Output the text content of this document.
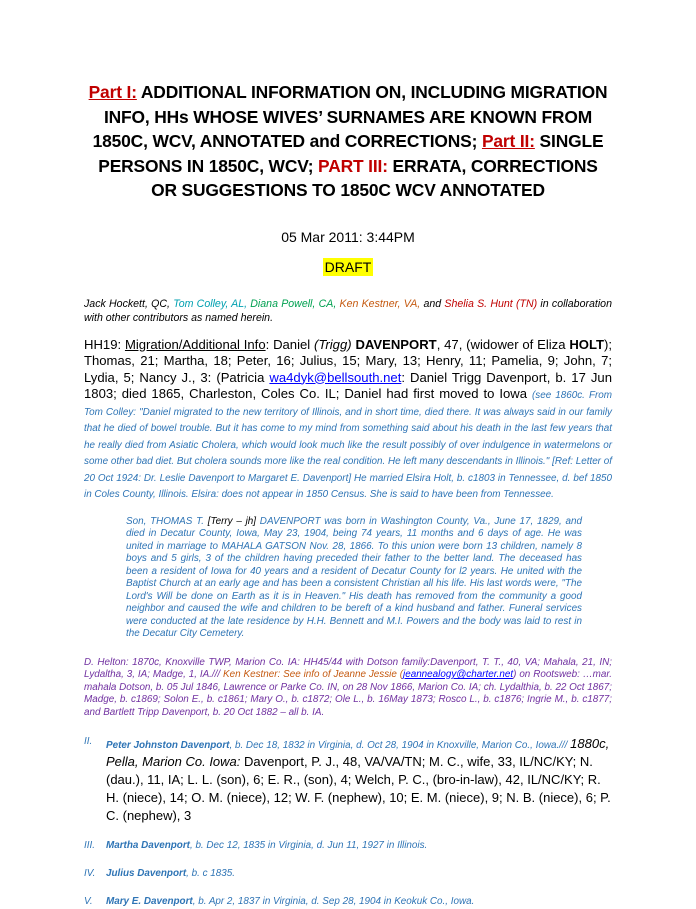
Part I: ADDITIONAL INFORMATION ON, INCLUDING MIGRATION INFO, HHs WHOSE WIVES’ SURNAMES ARE KNOWN FROM 1850C, WCV, ANNOTATED and CORRECTIONS; Part II: SINGLE PERSONS IN 1850C, WCV; PART III: ERRATA, CORRECTIONS OR SUGGESTIONS TO 1850C WCV ANNOTATED

05 Mar 2011: 3:44PM
DRAFT
Jack Hockett, QC, Tom Colley, AL, Diana Powell, CA, Ken Kestner, VA, and Shelia S. Hunt (TN) in collaboration with other contributors as named herein.
HH19: Migration/Additional Info: Daniel (Trigg) DAVENPORT, 47, (widower of Eliza HOLT); Thomas, 21; Martha, 18; Peter, 16; Julius, 15; Mary, 13; Henry, 11; Pamelia, 9; John, 7; Lydia, 5; Nancy J., 3: (Patricia wa4dyk@bellsouth.net: Daniel Trigg Davenport, b. 17 Jun 1803; died 1865, Charleston, Coles Co. IL; Daniel had first moved to Iowa (see 1860c. From Tom Colley: "Daniel migrated to the new territory of Illinois, and in short time, died there. It was always said in our family that he died of bowel trouble. But it has come to my mind from something said about his death in the last few years that he really died from Asiatic Cholera, which would look much like the result possibly of over indulgence in watermelons or some other bad diet. But cholera sounds more like the real condition. He left many descendants in Illinois." [Ref: Letter of 20 Oct 1924: Dr. Leslie Davenport to Margaret E. Davenport] He married Elsira Holt, b. c1803 in Tennessee, d. bef 1850 in Coles County, Illinois. Elsira: does not appear in 1850 Census. She is said to have been from Tennessee.
Son, THOMAS T. [Terry – jh] DAVENPORT was born in Washington County, Va., June 17, 1829, and died in Decatur County, Iowa, May 23, 1904, being 74 years, 11 months and 6 days of age. He was united in marriage to MAHALA GATSON Nov. 28, 1866. To this union were born 13 children, namely 8 boys and 5 girls, 3 of the children having preceded their father to the better land. The deceased has been a resident of Iowa for 40 years and a resident of Decatur County for l2 years. He united with the Baptist Church at an early age and has been a consistent Christian all his life. His last words were, "The Lord's Will be done on Earth as it is in Heaven." His death has removed from the community a good neighbor and caused the wife and children to be bereft of a kind husband and father. Funeral services were conducted at the late residence by H.H. Bennett and M.I. Powers and the body was laid to rest in the Decatur City Cemetery.
D. Helton: 1870c, Knoxville TWP, Marion Co. IA: HH45/44 with Dotson family:Davenport, T. T., 40, VA; Mahala, 21, IN; Lydaltha, 3, IA; Madge, 1, IA./// Ken Kestner: See info of Jeanne Jessie (jeannealogy@charter.net) on Rootsweb: …mar. mahala Dotson, b. 05 Jul 1846, Lawrence or Parke Co. IN, on 28 Nov 1866, Marion Co. IA; ch. Lydalthia, b. 22 Oct 1867; Madge, b. c1869; Solon E., b. c1861; Mary O., b. c1872; Ole L., b. 16May 1873; Rosco L., b. c1876; Ingrie M., b. c1877; and Bartlett Tripp Davenport, b. 20 Oct 1882 – all b. IA.
II.	Peter Johnston Davenport, b. Dec 18, 1832 in Virginia, d. Oct 28, 1904 in Knoxville, Marion Co., Iowa./// 1880c, Pella, Marion Co. Iowa: Davenport, P. J., 48, VA/VA/TN; M. C., wife, 33, IL/NC/KY; N. (dau.), 11, IA; L. L. (son), 6; E. R., (son), 4; Welch, P. C., (bro-in-law), 42, IL/NC/KY; R. H. (niece), 14; O. M. (niece), 12; W. F. (nephew), 10; E. M. (niece), 9; N. B. (niece), 6; P. C. (nephew), 3
III.	Martha Davenport, b. Dec 12, 1835 in Virginia, d. Jun 11, 1927 in Illinois.
IV.	Julius Davenport, b. c 1835.
V.	Mary E. Davenport, b. Apr 2, 1837 in Virginia, d. Sep 28, 1904 in Keokuk Co., Iowa.
